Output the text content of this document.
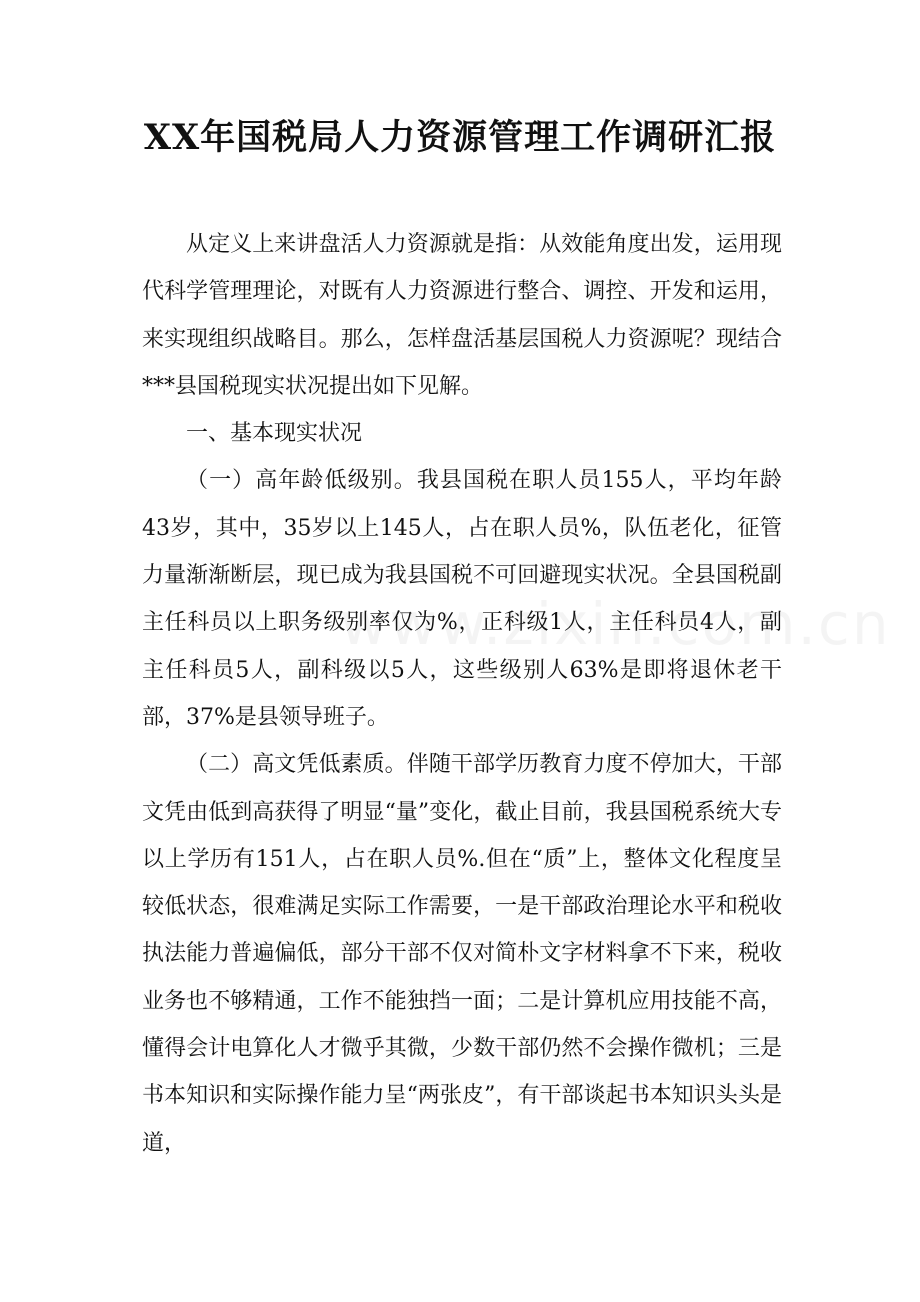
XX年国税局人力资源管理工作调研汇报

从定义上来讲盘活人力资源就是指：从效能角度出发，运用现代科学管理理论，对既有人力资源进行整合、调控、开发和运用，来实现组织战略目。那么，怎样盘活基层国税人力资源呢？现结合***县国税现实状况提出如下见解。

一、基本现实状况

（一）高年龄低级别。我县国税在职人员155人，平均年龄43岁，其中，35岁以上145人，占在职人员%，队伍老化，征管力量渐渐断层，现已成为我县国税不可回避现实状况。全县国税副主任科员以上职务级别率仅为%，正科级1人，主任科员4人，副主任科员5人，副科级以5人，这些级别人63%是即将退休老干部，37%是县领导班子。

（二）高文凭低素质。伴随干部学历教育力度不停加大，干部文凭由低到高获得了明显“量”变化，截止目前，我县国税系统大专以上学历有151人，占在职人员%.但在“质”上，整体文化程度呈较低状态，很难满足实际工作需要，一是干部政治理论水平和税收执法能力普遍偏低，部分干部不仅对简朴文字材料拿不下来，税收业务也不够精通，工作不能独挡一面；二是计算机应用技能不高，懂得会计电算化人才微乎其微，少数干部仍然不会操作微机；三是书本知识和实际操作能力呈“两张皮”，有干部谈起书本知识头头是道，
